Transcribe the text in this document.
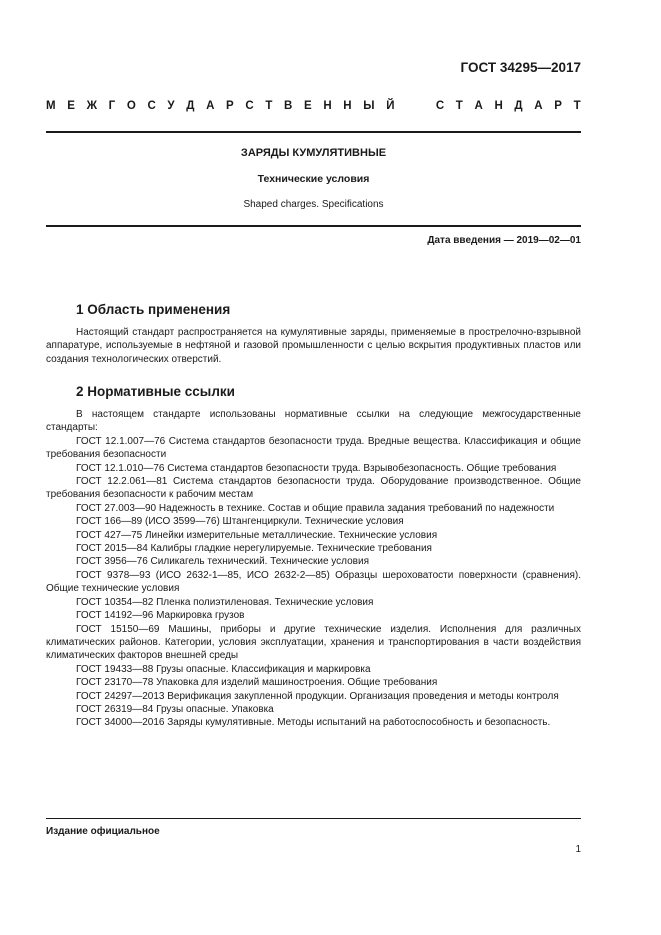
ГОСТ 34295—2017
М Е Ж Г О С У Д А Р С Т В Е Н Н Ы Й

	С Т А Н Д А Р Т
ЗАРЯДЫ КУМУЛЯТИВНЫЕ
Технические условия
Shaped charges. Specifications
Дата введения — 2019—02—01
1 Область применения

Настоящий стандарт распространяется на кумулятивные заряды, применяемые в прострелочно-взрывной аппаратуре, используемые в нефтяной и газовой промышленности с целью вскрытия продуктивных пластов или создания технологических отверстий.

2 Нормативные ссылки

В настоящем стандарте использованы нормативные ссылки на следующие межгосударственные стандарты:

ГОСТ 12.1.007—76 Система стандартов безопасности труда. Вредные вещества. Классификация и общие требования безопасности

ГОСТ 12.1.010—76 Система стандартов безопасности труда. Взрывобезопасность. Общие требования

ГОСТ 12.2.061—81 Система стандартов безопасности труда. Оборудование производственное. Общие требования безопасности к рабочим местам

ГОСТ 27.003—90 Надежность в технике. Состав и общие правила задания требований по надежности

ГОСТ 166—89 (ИСО 3599—76) Штангенциркули. Технические условия

ГОСТ 427—75 Линейки измерительные металлические. Технические условия

ГОСТ 2015—84 Калибры гладкие нерегулируемые. Технические требования

ГОСТ 3956—76 Силикагель технический. Технические условия

ГОСТ 9378—93 (ИСО 2632-1—85, ИСО 2632-2—85) Образцы шероховатости поверхности (сравнения). Общие технические условия

ГОСТ 10354—82 Пленка полиэтиленовая. Технические условия

ГОСТ 14192—96 Маркировка грузов

ГОСТ 15150—69 Машины, приборы и другие технические изделия. Исполнения для различных климатических районов. Категории, условия эксплуатации, хранения и транспортирования в части воздействия климатических факторов внешней среды

ГОСТ 19433—88 Грузы опасные. Классификация и маркировка

ГОСТ 23170—78 Упаковка для изделий машиностроения. Общие требования

ГОСТ 24297—2013 Верификация закупленной продукции. Организация проведения и методы контроля

ГОСТ 26319—84 Грузы опасные. Упаковка

ГОСТ 34000—2016 Заряды кумулятивные. Методы испытаний на работоспособность и безопасность.

Издание официальное
1
